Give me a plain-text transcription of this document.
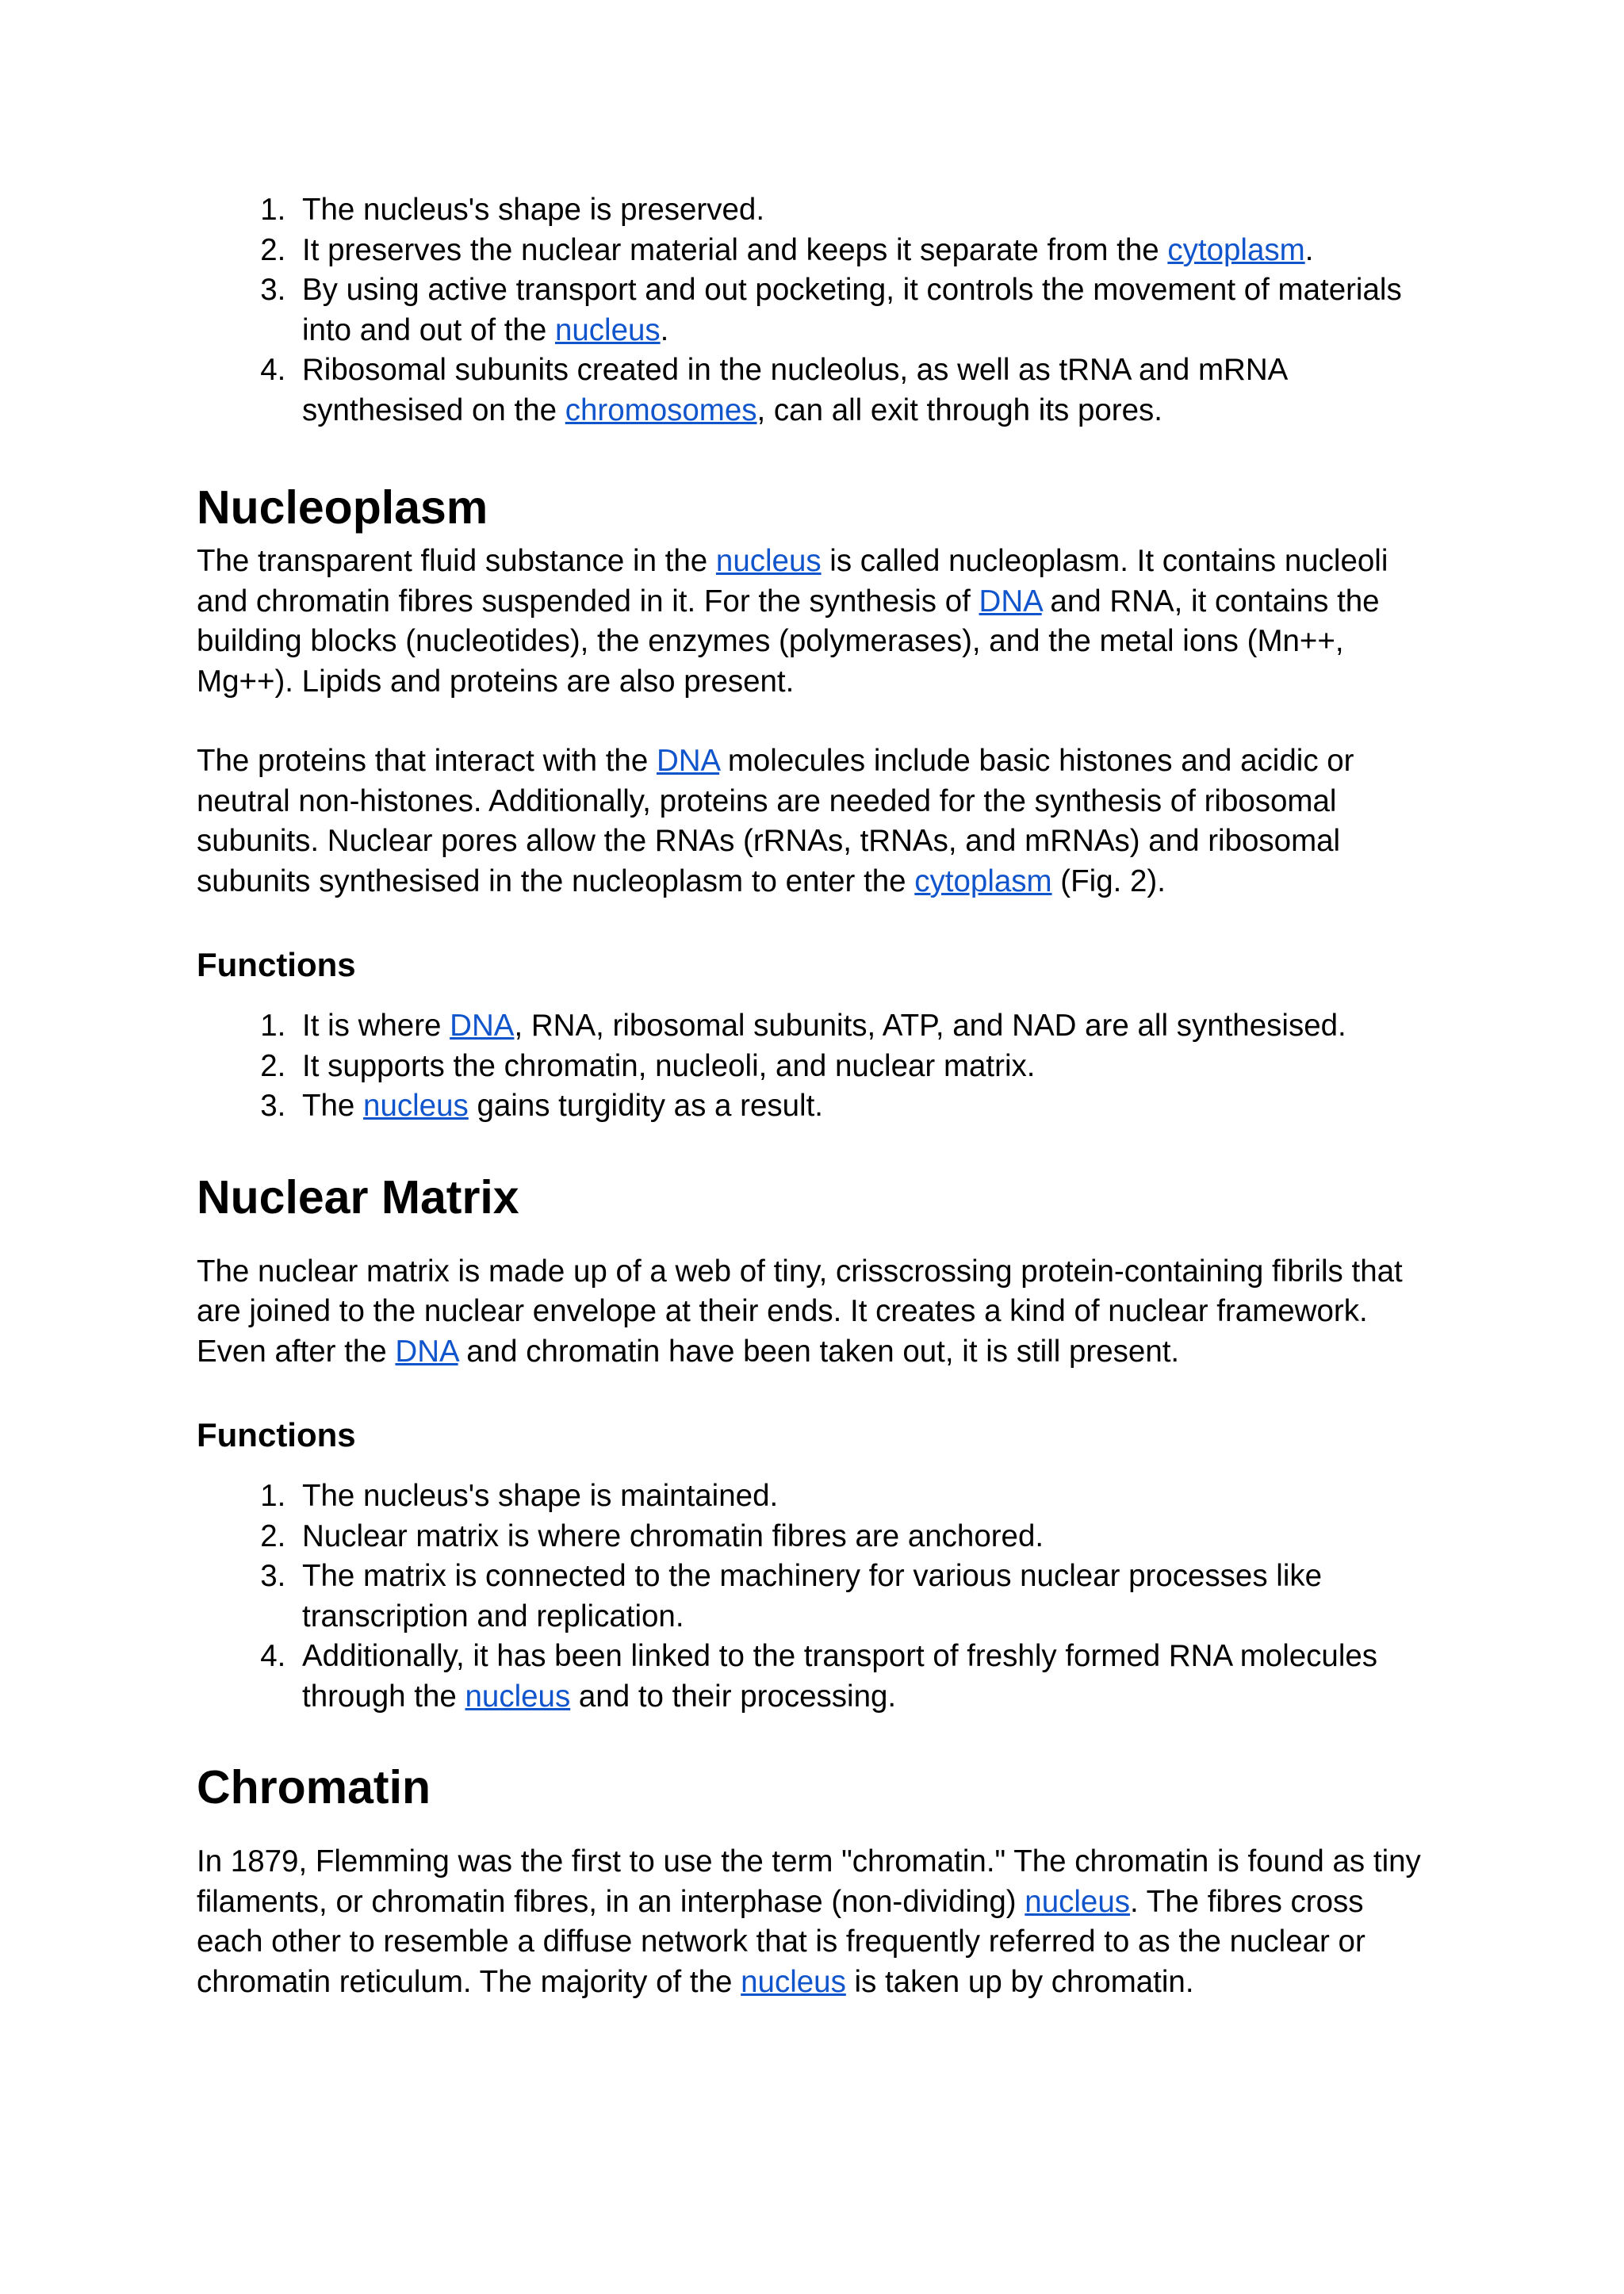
1. The nucleus's shape is preserved.
2. It preserves the nuclear material and keeps it separate from the cytoplasm.
3. By using active transport and out pocketing, it controls the movement of materials into and out of the nucleus.
4. Ribosomal subunits created in the nucleolus, as well as tRNA and mRNA synthesised on the chromosomes, can all exit through its pores.
Nucleoplasm

The transparent fluid substance in the nucleus is called nucleoplasm. It contains nucleoli and chromatin fibres suspended in it. For the synthesis of DNA and RNA, it contains the building blocks (nucleotides), the enzymes (polymerases), and the metal ions (Mn++, Mg++). Lipids and proteins are also present.

The proteins that interact with the DNA molecules include basic histones and acidic or neutral non-histones. Additionally, proteins are needed for the synthesis of ribosomal subunits. Nuclear pores allow the RNAs (rRNAs, tRNAs, and mRNAs) and ribosomal subunits synthesised in the nucleoplasm to enter the cytoplasm (Fig. 2).

Functions
1. It is where DNA, RNA, ribosomal subunits, ATP, and NAD are all synthesised.
2. It supports the chromatin, nucleoli, and nuclear matrix.
3. The nucleus gains turgidity as a result.
Nuclear Matrix

The nuclear matrix is made up of a web of tiny, crisscrossing protein-containing fibrils that are joined to the nuclear envelope at their ends. It creates a kind of nuclear framework. Even after the DNA and chromatin have been taken out, it is still present.

Functions
1. The nucleus's shape is maintained.
2. Nuclear matrix is where chromatin fibres are anchored.
3. The matrix is connected to the machinery for various nuclear processes like transcription and replication.
4. Additionally, it has been linked to the transport of freshly formed RNA molecules through the nucleus and to their processing.
Chromatin

In 1879, Flemming was the first to use the term "chromatin." The chromatin is found as tiny filaments, or chromatin fibres, in an interphase (non-dividing) nucleus. The fibres cross each other to resemble a diffuse network that is frequently referred to as the nuclear or chromatin reticulum. The majority of the nucleus is taken up by chromatin.
